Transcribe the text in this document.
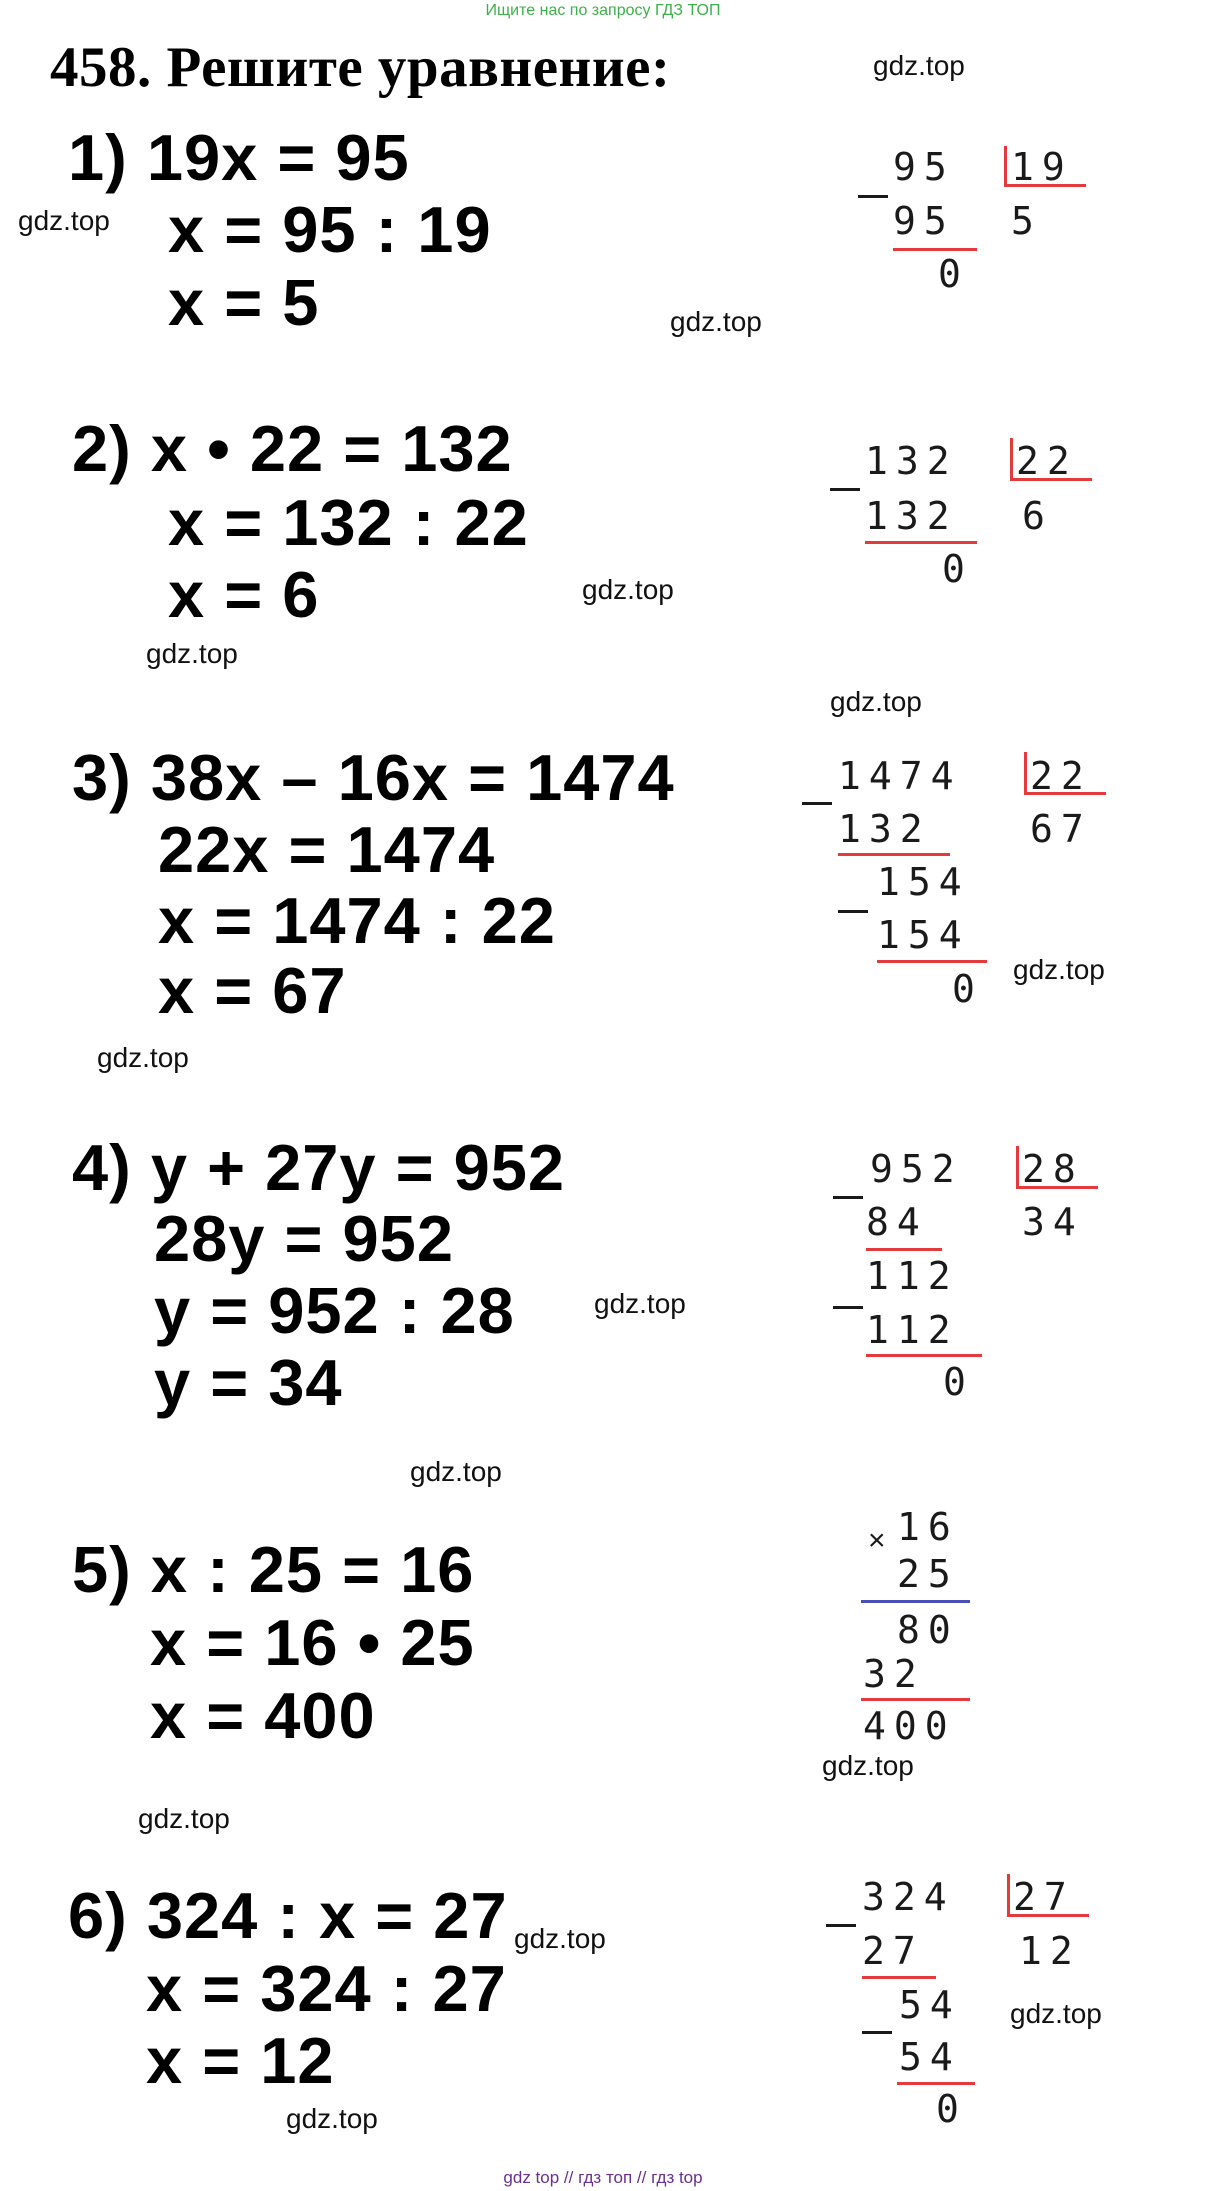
Ищите нас по запросу ГДЗ ТОП
458. Решите уравнение:	gdz.top
gdz.top
gdz.top
gdz.top
gdz.top
gdz.top
gdz.top
gdz.top
gdz.top
gdz.top
gdz.top
gdz.top
gdz.top
gdz.top
gdz.top
1) 19x = 95
x = 95 : 19
x = 5
2) x • 22 = 132
x = 132 : 22
x = 6
3) 38x – 16x = 1474
22x = 1474
x = 1474 : 22
x = 67
4) y + 27y = 952
28y = 952
y = 952 : 28
y = 34
5) x : 25 = 16
x = 16 • 25
x = 400
6) 324 : x = 27
x = 324 : 27
x = 12
95 19
5
95
0
132 22
6
132
0
1474 22
67
132
154
154
0
952 28
34
84
112
112
0
× 16
25
80
32
400
324 27
12
27
54
54
0
gdz top // гдз топ // гдз top
